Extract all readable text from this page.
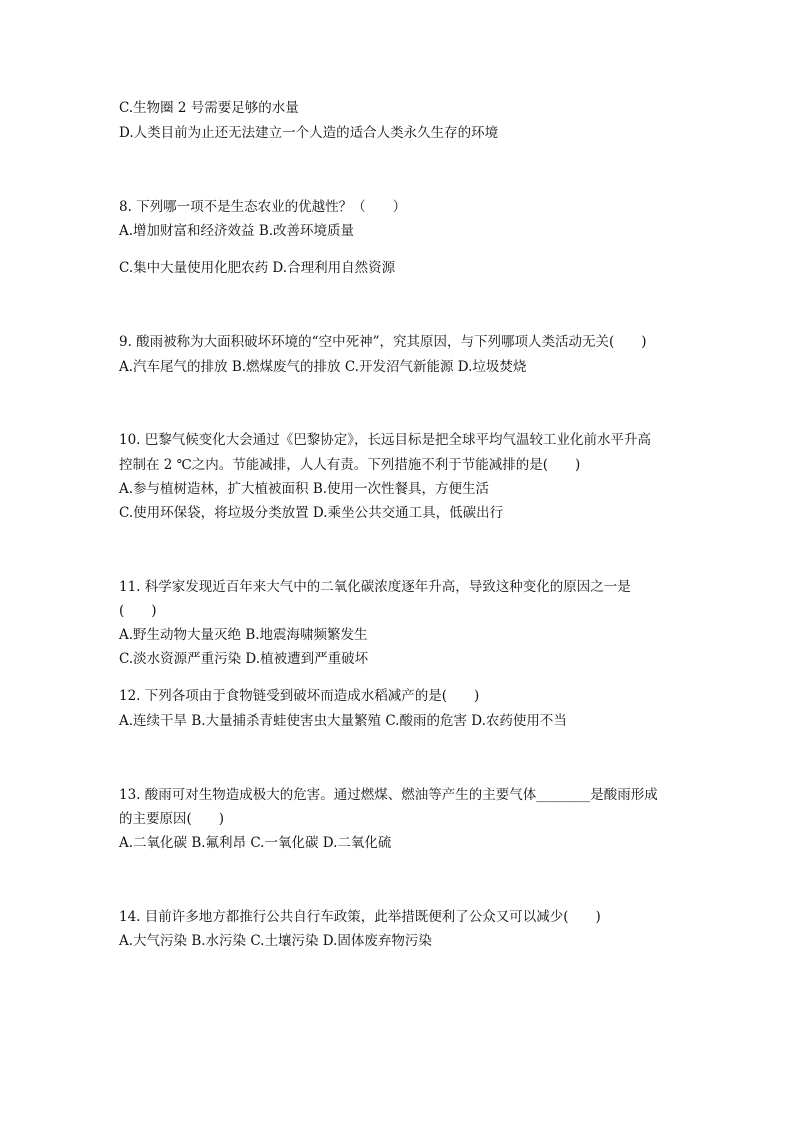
C.生物圈 2 号需要足够的水量

D.人类目前为止还无法建立一个人造的适合人类永久生存的环境

8. 下列哪一项不是生态农业的优越性？（　　）

A.增加财富和经济效益 B.改善环境质量

C.集中大量使用化肥农药 D.合理利用自然资源

9. 酸雨被称为大面积破坏环境的“空中死神”，究其原因，与下列哪项人类活动无关(　　)

A.汽车尾气的排放 B.燃煤废气的排放 C.开发沼气新能源 D.垃圾焚烧

10. 巴黎气候变化大会通过《巴黎协定》，长远目标是把全球平均气温较工业化前水平升高

控制在 2 ℃之内。节能减排，人人有责。下列措施不利于节能减排的是(　　)

A.参与植树造林，扩大植被面积 B.使用一次性餐具，方便生活

C.使用环保袋，将垃圾分类放置 D.乘坐公共交通工具，低碳出行

11. 科学家发现近百年来大气中的二氧化碳浓度逐年升高，导致这种变化的原因之一是

(　　)

A.野生动物大量灭绝 B.地震海啸频繁发生

C.淡水资源严重污染 D.植被遭到严重破坏

12. 下列各项由于食物链受到破坏而造成水稻减产的是(　　)

A.连续干旱 B.大量捕杀青蛙使害虫大量繁殖 C.酸雨的危害 D.农药使用不当

13. 酸雨可对生物造成极大的危害。通过燃煤、燃油等产生的主要气体________是酸雨形成

的主要原因(　　)

A.二氧化碳 B.氟利昂 C.一氧化碳 D.二氧化硫

14. 目前许多地方都推行公共自行车政策，此举措既便利了公众又可以减少(　　)

A.大气污染 B.水污染 C.土壤污染 D.固体废弃物污染
